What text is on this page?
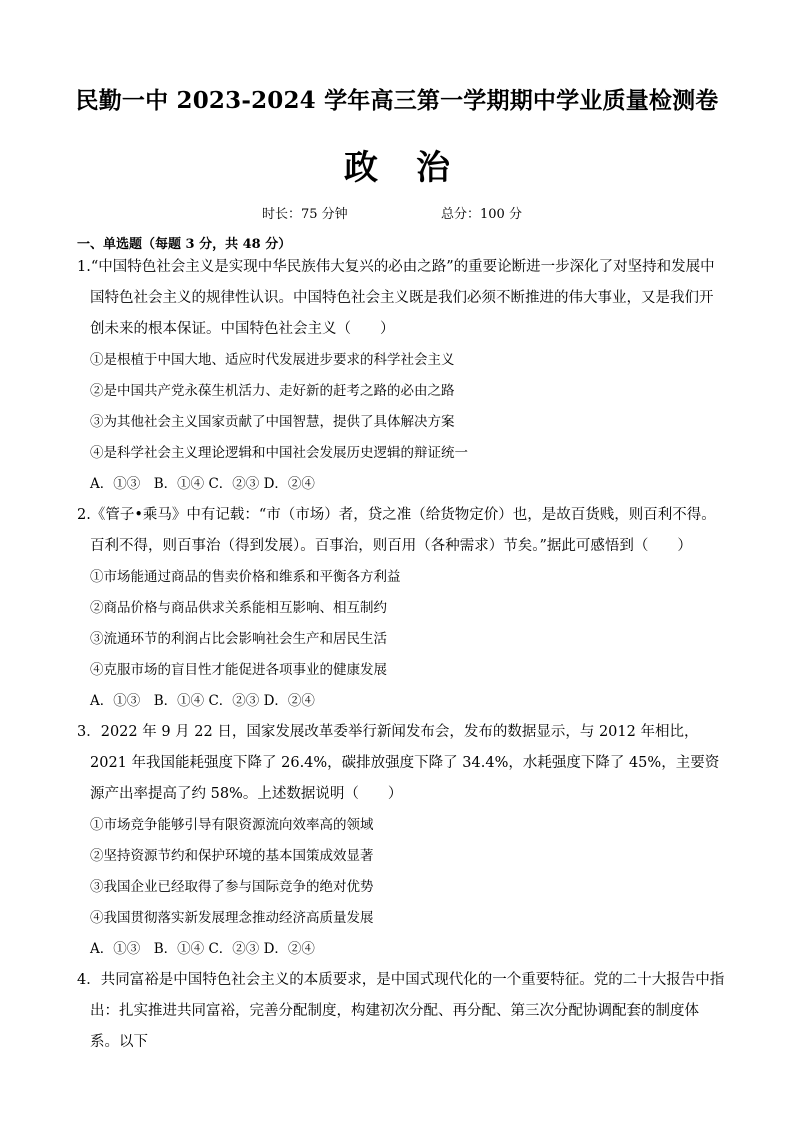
民勤一中 2023-2024 学年高三第一学期期中学业质量检测卷
政治
时长：75 分钟	总分：100 分
一、单选题（每题 3 分，共 48 分）

1.“中国特色社会主义是实现中华民族伟大复兴的必由之路”的重要论断进一步深化了对坚持和发展中国特色社会主义的规律性认识。中国特色社会主义既是我们必须不断推进的伟大事业，又是我们开创未来的根本保证。中国特色社会主义（　　）

①是根植于中国大地、适应时代发展进步要求的科学社会主义
②是中国共产党永葆生机活力、走好新的赶考之路的必由之路
③为其他社会主义国家贡献了中国智慧，提供了具体解决方案
④是科学社会主义理论逻辑和中国社会发展历史逻辑的辩证统一
A．①③　B．①④ C．②③ D．②④

2.《管子•乘马》中有记载：“市（市场）者，贷之准（给货物定价）也，是故百货贱，则百利不得。百利不得，则百事治（得到发展）。百事治，则百用（各种需求）节矣。”据此可感悟到（　　）

①市场能通过商品的售卖价格和维系和平衡各方利益
②商品价格与商品供求关系能相互影响、相互制约
③流通环节的利润占比会影响社会生产和居民生活
④克服市场的盲目性才能促进各项事业的健康发展
A．①③　B．①④ C．②③ D．②④

3．2022 年 9 月 22 日，国家发展改革委举行新闻发布会，发布的数据显示，与 2012 年相比，2021 年我国能耗强度下降了 26.4%，碳排放强度下降了 34.4%，水耗强度下降了 45%，主要资源产出率提高了约 58%。上述数据说明（　　）

①市场竞争能够引导有限资源流向效率高的领域
②坚持资源节约和保护环境的基本国策成效显著
③我国企业已经取得了参与国际竞争的绝对优势
④我国贯彻落实新发展理念推动经济高质量发展
A．①③　B．①④ C．②③ D．②④

4．共同富裕是中国特色社会主义的本质要求，是中国式现代化的一个重要特征。党的二十大报告中指出：扎实推进共同富裕，完善分配制度，构建初次分配、再分配、第三次分配协调配套的制度体系。以下
